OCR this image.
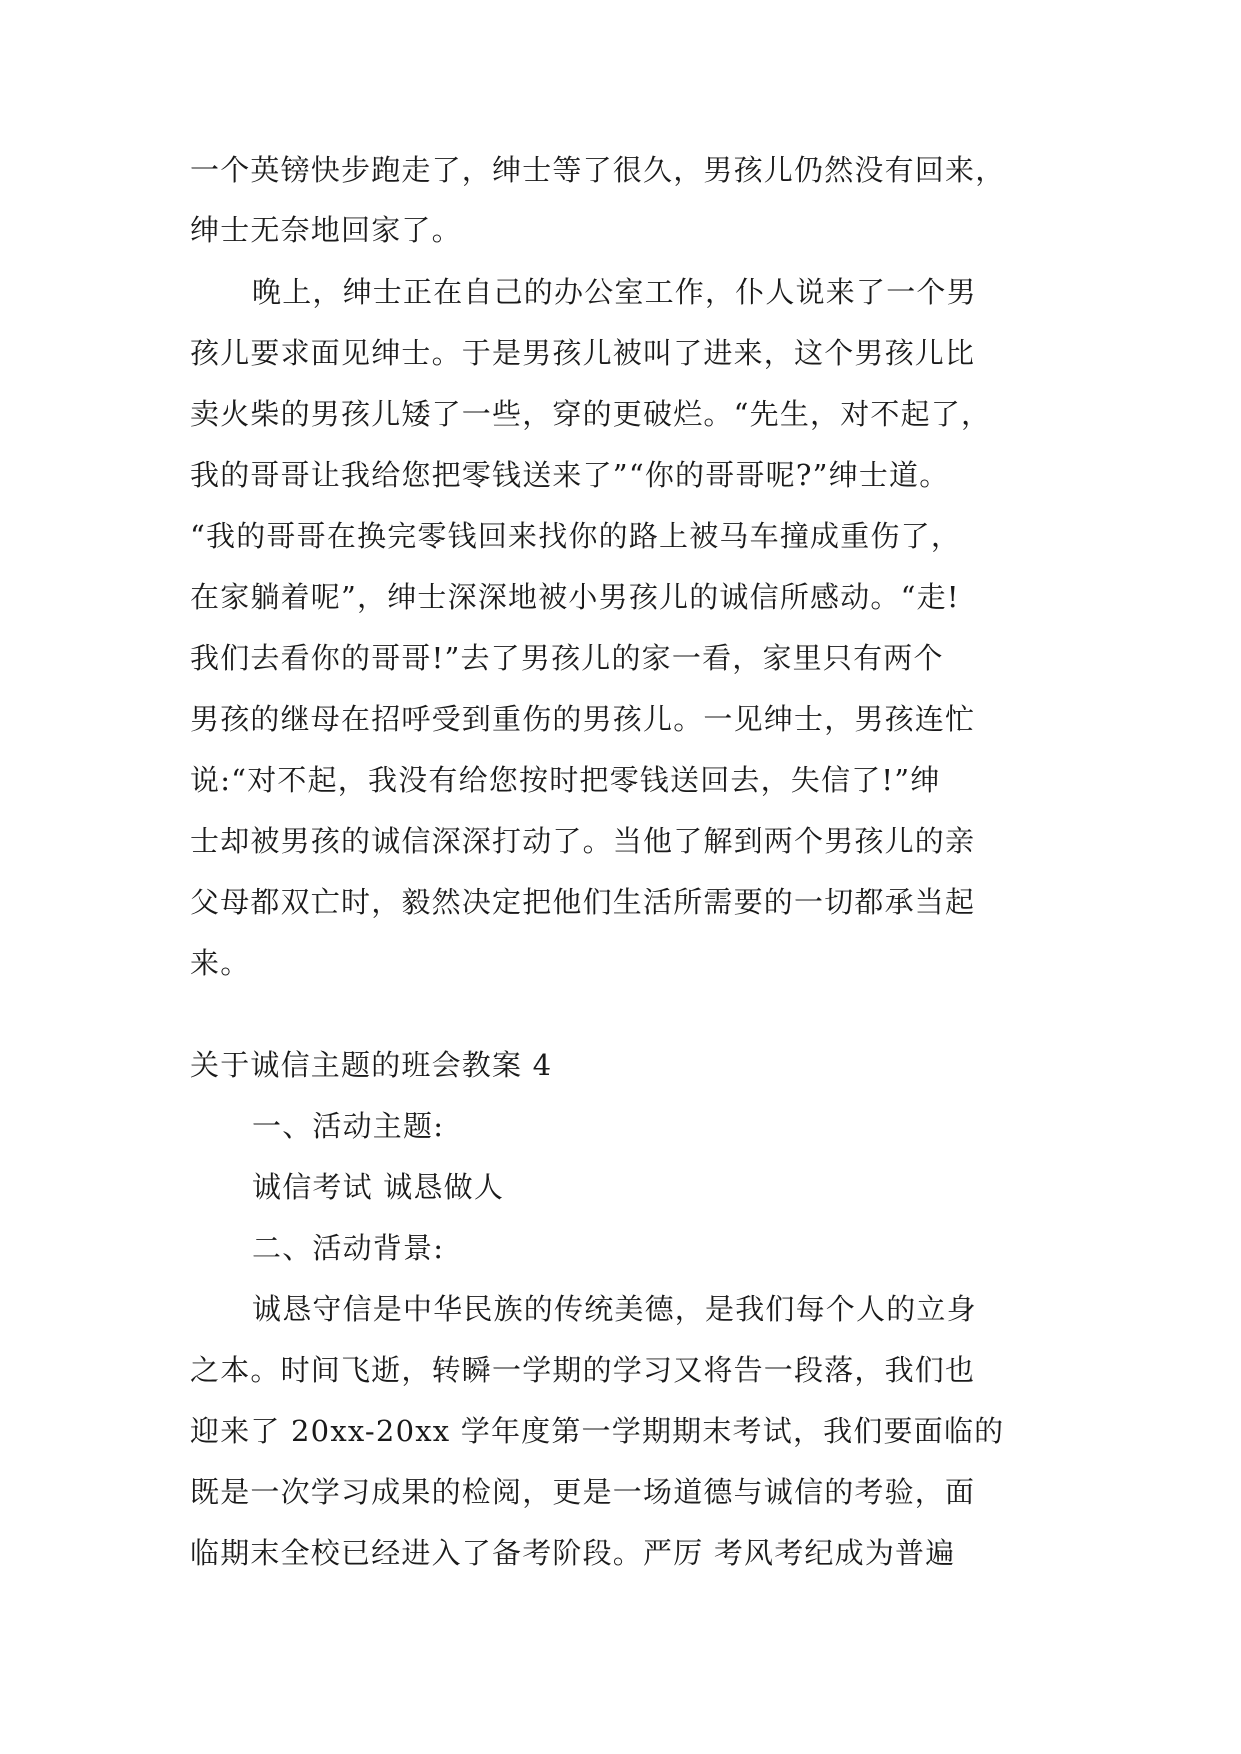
一个英镑快步跑走了，绅士等了很久，男孩儿仍然没有回来，
绅士无奈地回家了。
晚上，绅士正在自己的办公室工作，仆人说来了一个男
孩儿要求面见绅士。于是男孩儿被叫了进来，这个男孩儿比
卖火柴的男孩儿矮了一些，穿的更破烂。“先生，对不起了，
我的哥哥让我给您把零钱送来了”“你的哥哥呢?”绅士道。
“我的哥哥在换完零钱回来找你的路上被马车撞成重伤了，
在家躺着呢”，绅士深深地被小男孩儿的诚信所感动。“走!
我们去看你的哥哥!”去了男孩儿的家一看，家里只有两个
男孩的继母在招呼受到重伤的男孩儿。一见绅士，男孩连忙
说:“对不起，我没有给您按时把零钱送回去，失信了!”绅
士却被男孩的诚信深深打动了。当他了解到两个男孩儿的亲
父母都双亡时，毅然决定把他们生活所需要的一切都承当起
来。
关于诚信主题的班会教案 4
一、活动主题:
诚信考试 诚恳做人
二、活动背景:
诚恳守信是中华民族的传统美德，是我们每个人的立身
之本。时间飞逝，转瞬一学期的学习又将告一段落，我们也
迎来了 20xx-20xx 学年度第一学期期末考试，我们要面临的
既是一次学习成果的检阅，更是一场道德与诚信的考验，面
临期末全校已经进入了备考阶段。严厉 考风考纪成为普遍
